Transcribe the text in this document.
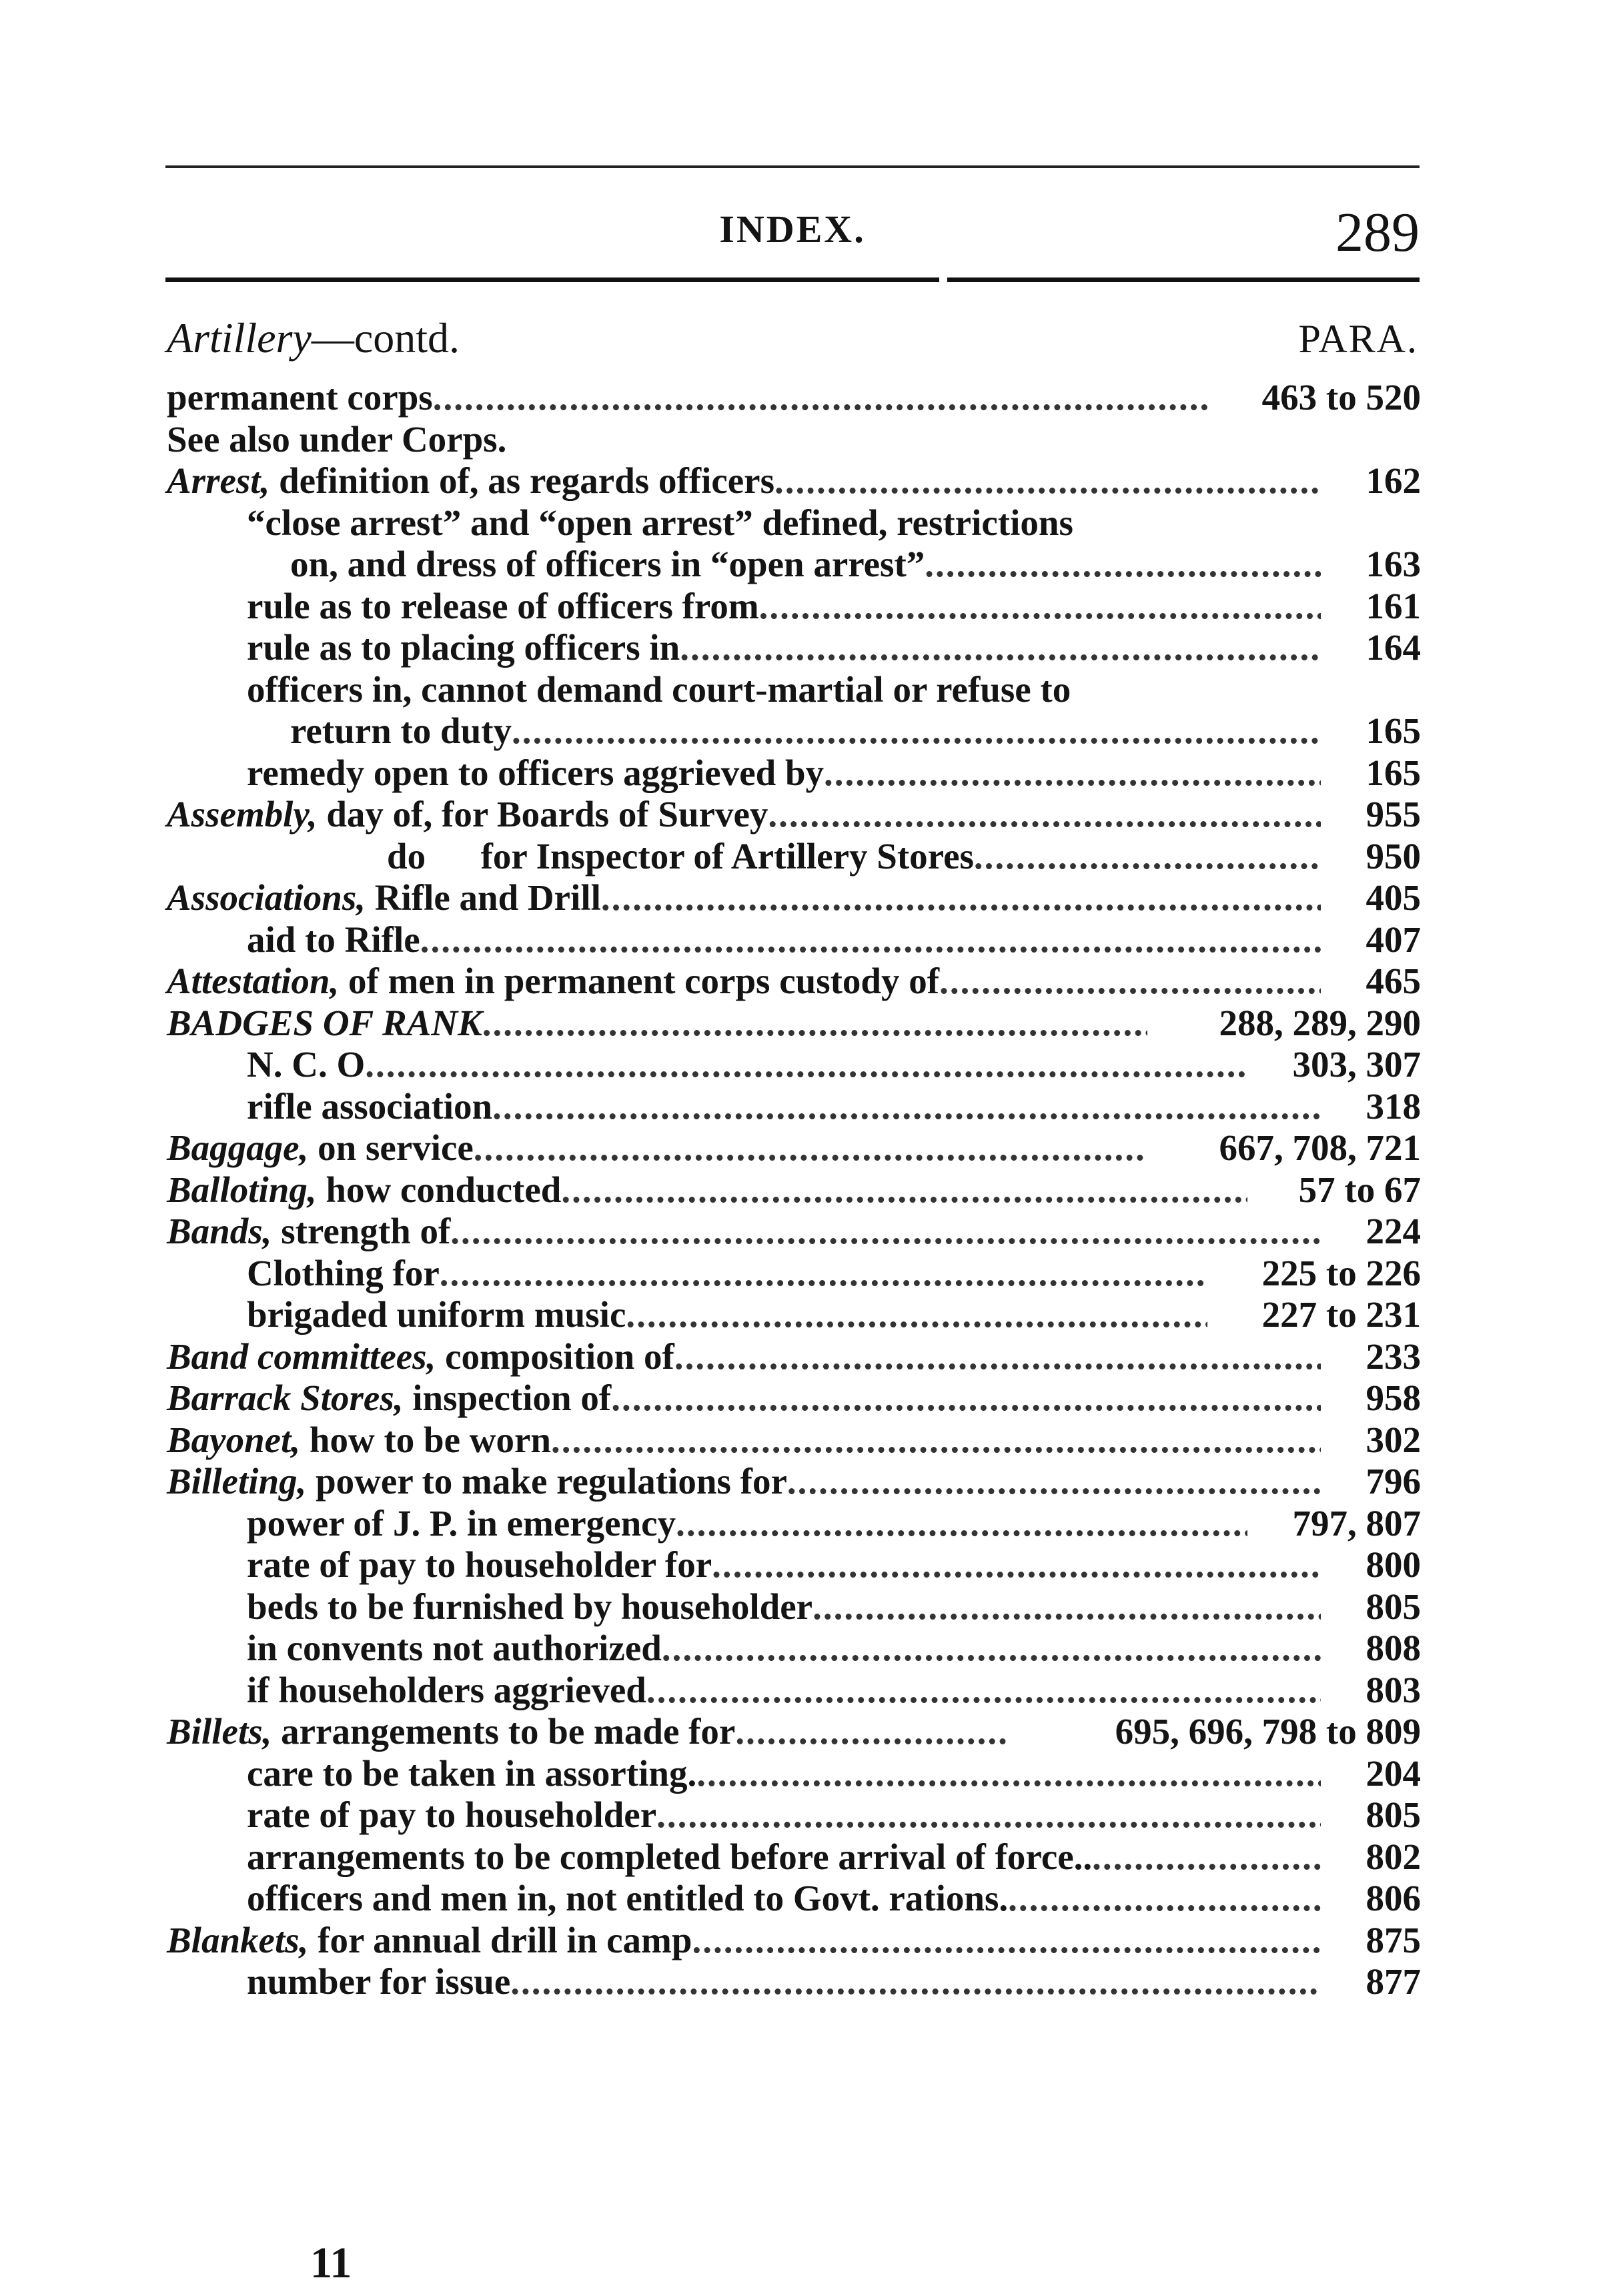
INDEX.	289
Artillery—contd.	PARA.
permanent corps .....	463 to 520
See also under Corps.
Arrest, definition of, as regards officers .....	162
“close arrest” and “open arrest” defined, restrictions
on, and dress of officers in “open arrest” .....	163
rule as to release of officers from .....	161
rule as to placing officers in .....	164
officers in, cannot demand court-martial or refuse to
return to duty .....	165
remedy open to officers aggrieved by .....	165
Assembly, day of, for Boards of Survey .....	955
do      for Inspector of Artillery Stores .....	950
Associations, Rifle and Drill .....	405
aid to Rifle .....	407
Attestation, of men in permanent corps custody of .....	465
BADGES OF RANK .....	288, 289, 290
N. C. O .....	303, 307
rifle association .....	318
Baggage, on service .....	667, 708, 721
Balloting, how conducted .....	57 to 67
Bands, strength of .....	224
Clothing for .....	225 to 226
brigaded uniform music .....	227 to 231
Band committees, composition of .....	233
Barrack Stores, inspection of .....	958
Bayonet, how to be worn .....	302
Billeting, power to make regulations for .....	796
power of J. P. in emergency .....	797, 807
rate of pay to householder for .....	800
beds to be furnished by householder .....	805
in convents not authorized .....	808
if householders aggrieved .....	803
Billets, arrangements to be made for .....	695, 696, 798 to 809
care to be taken in assorting. .....	204
rate of pay to householder .....	805
arrangements to be completed before arrival of force.. .....	802
officers and men in, not entitled to Govt. rations. .....	806
Blankets, for annual drill in camp .....	875
number for issue .....	877
11
